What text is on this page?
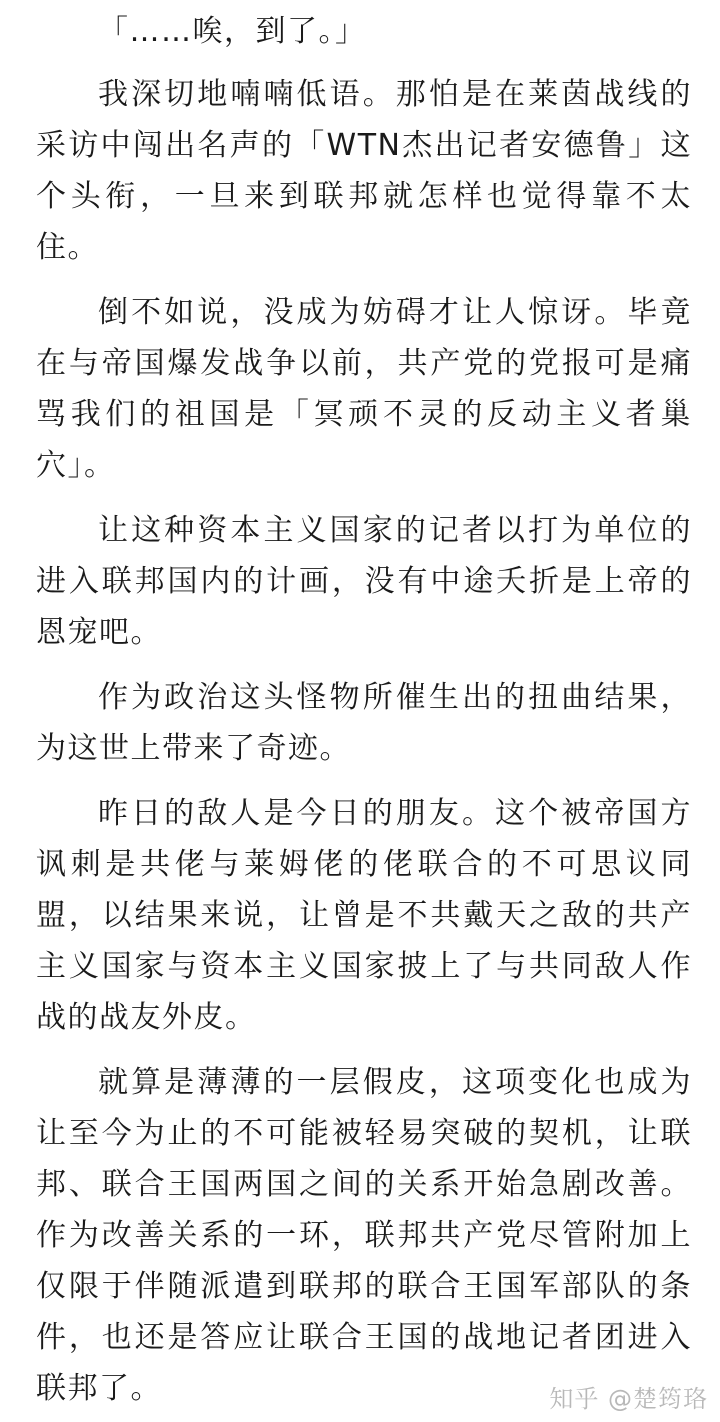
「……唉，到了。」

我深切地喃喃低语。那怕是在莱茵战线的采访中闯出名声的「WTN杰出记者安德鲁」这个头衔，一旦来到联邦就怎样也觉得靠不太住。

倒不如说，没成为妨碍才让人惊讶。毕竟在与帝国爆发战争以前，共产党的党报可是痛骂我们的祖国是「冥顽不灵的反动主义者巢穴」。

让这种资本主义国家的记者以打为单位的进入联邦国内的计画，没有中途夭折是上帝的恩宠吧。

作为政治这头怪物所催生出的扭曲结果，为这世上带来了奇迹。

昨日的敌人是今日的朋友。这个被帝国方讽刺是共佬与莱姆佬的佬联合的不可思议同盟，以结果来说，让曾是不共戴天之敌的共产主义国家与资本主义国家披上了与共同敌人作战的战友外皮。

就算是薄薄的一层假皮，这项变化也成为让至今为止的不可能被轻易突破的契机，让联邦、联合王国两国之间的关系开始急剧改善。作为改善关系的一环，联邦共产党尽管附加上仅限于伴随派遣到联邦的联合王国军部队的条件，也还是答应让联合王国的战地记者团进入联邦了。	知乎 @楚筠珞
